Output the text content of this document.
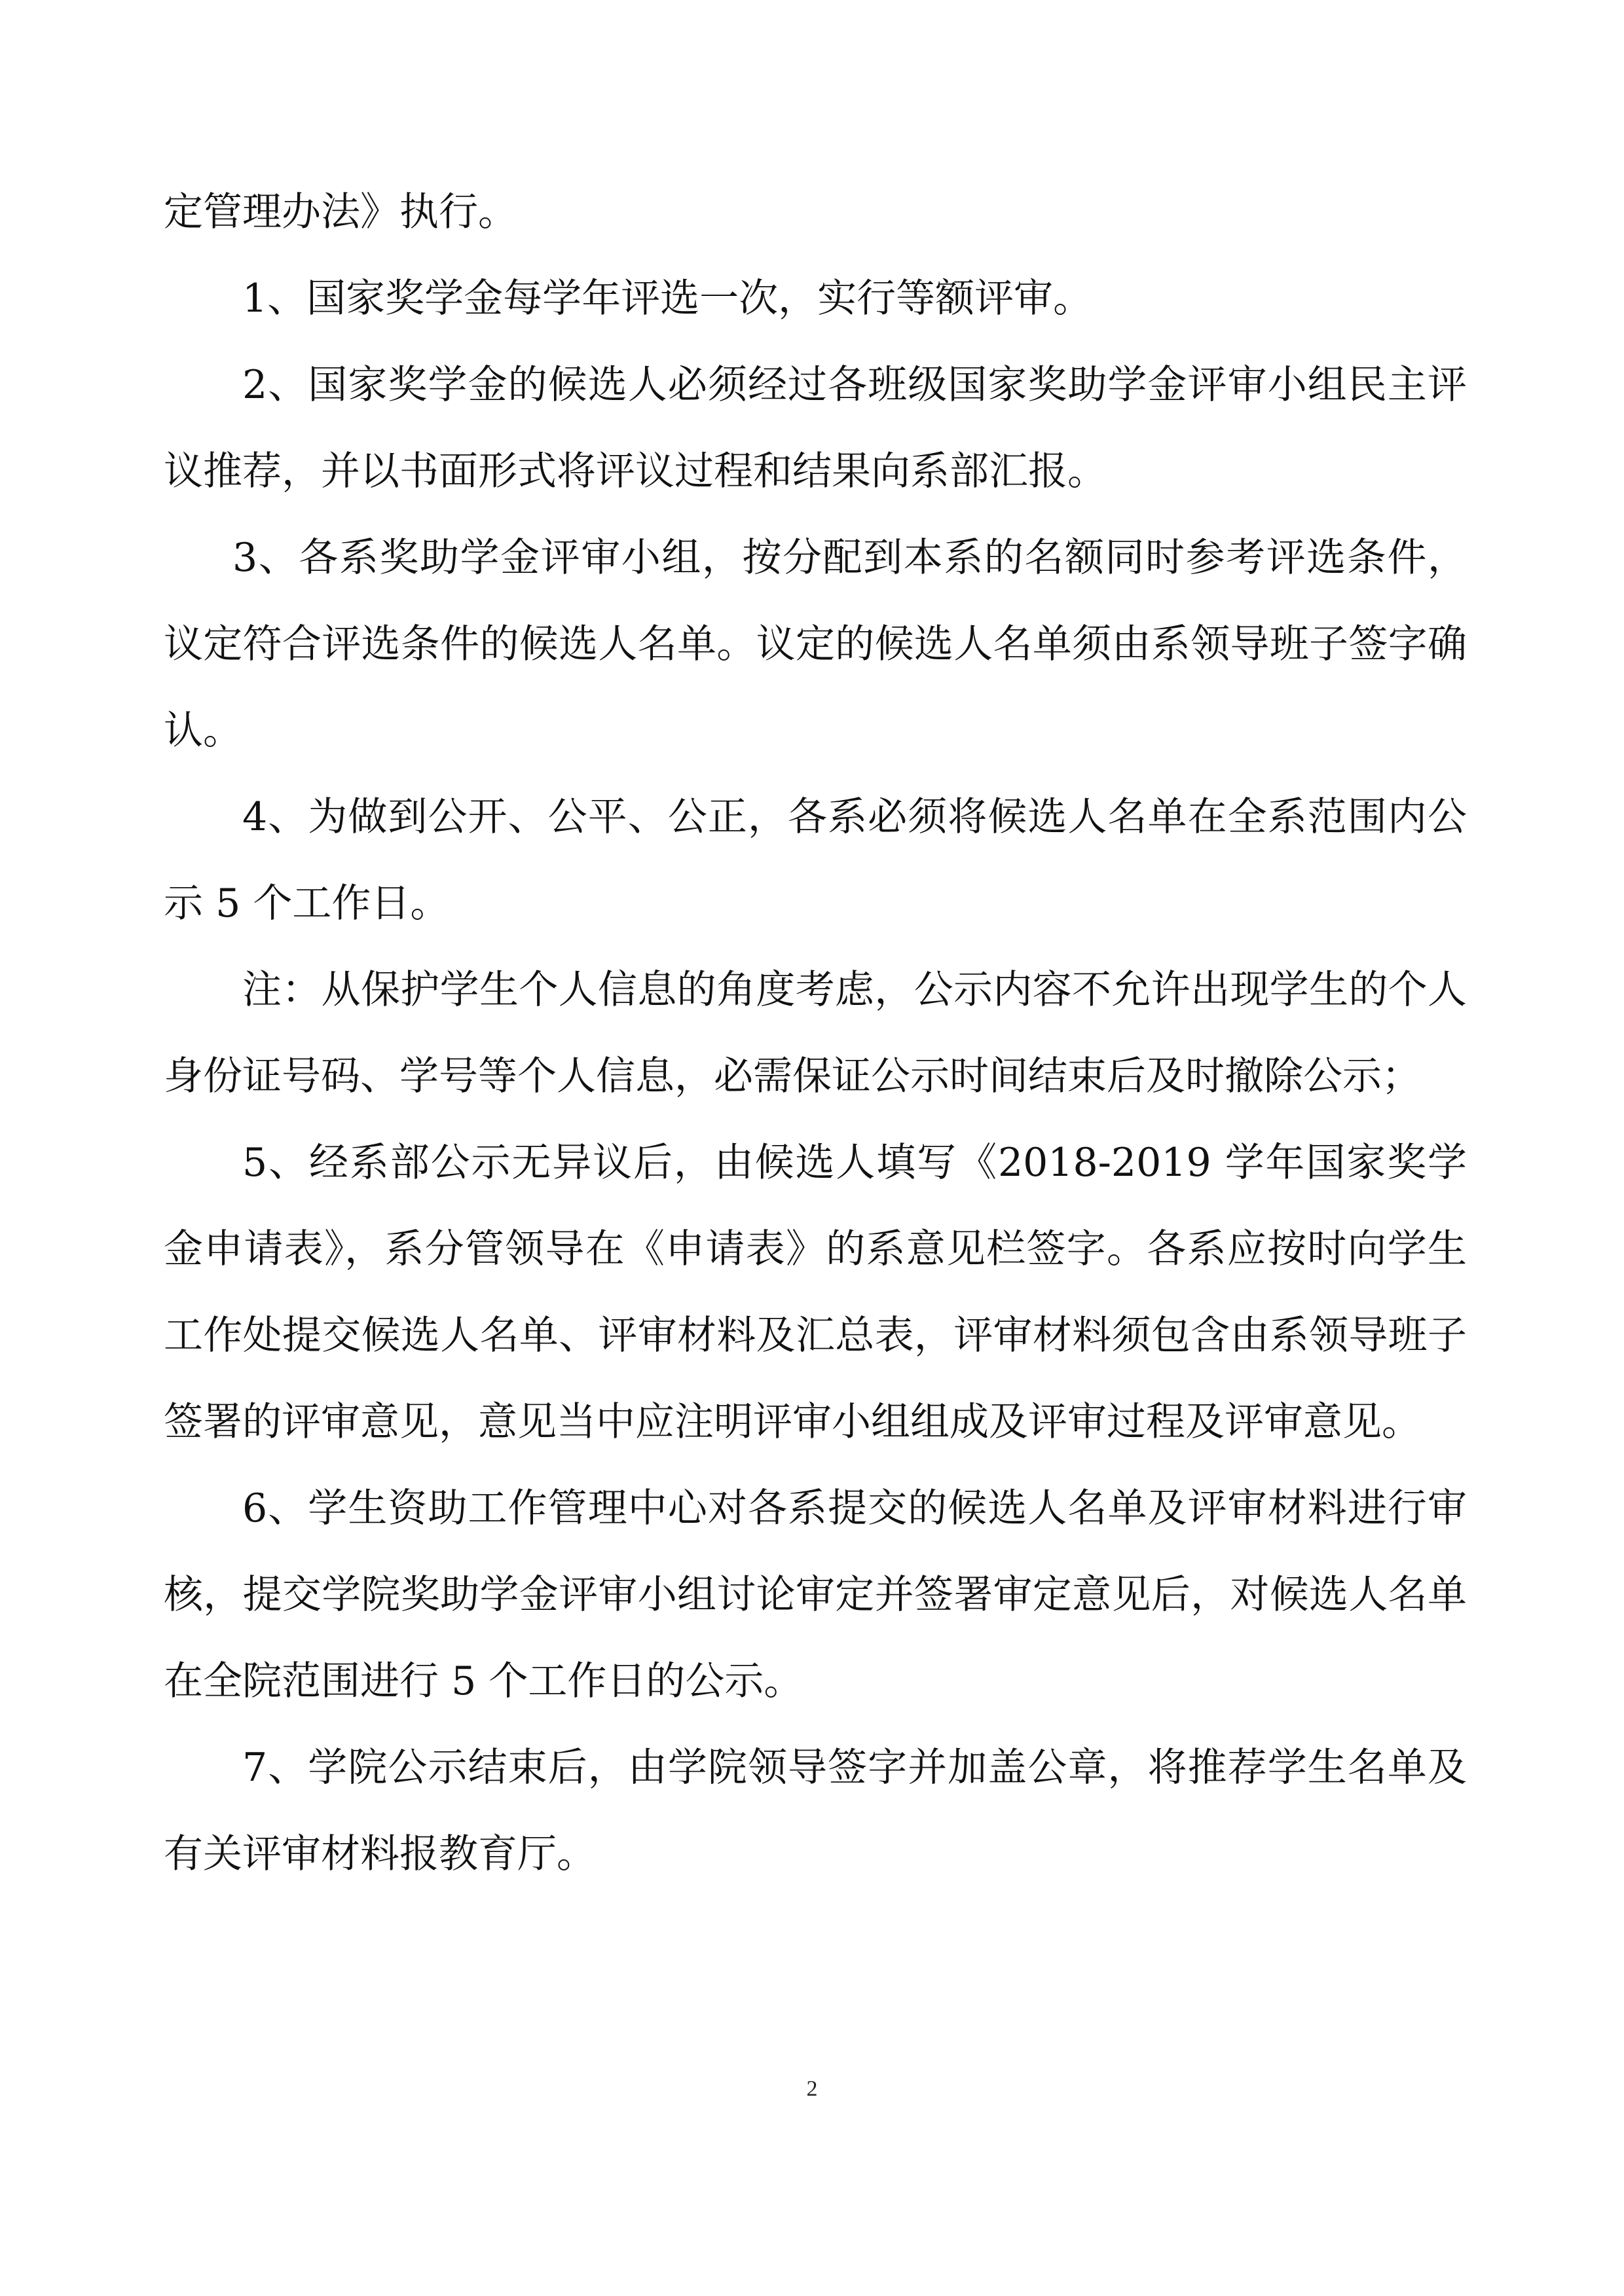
定管理办法》执行。

1、国家奖学金每学年评选一次，实行等额评审。

2、国家奖学金的候选人必须经过各班级国家奖助学金评审小组民主评议推荐，并以书面形式将评议过程和结果向系部汇报。

3、各系奖助学金评审小组，按分配到本系的名额同时参考评选条件，议定符合评选条件的候选人名单。议定的候选人名单须由系领导班子签字确认。

4、为做到公开、公平、公正，各系必须将候选人名单在全系范围内公示 5 个工作日。

注：从保护学生个人信息的角度考虑，公示内容不允许出现学生的个人身份证号码、学号等个人信息，必需保证公示时间结束后及时撤除公示；

5、经系部公示无异议后，由候选人填写《2018-2019 学年国家奖学金申请表》，系分管领导在《申请表》的系意见栏签字。各系应按时向学生工作处提交候选人名单、评审材料及汇总表，评审材料须包含由系领导班子签署的评审意见，意见当中应注明评审小组组成及评审过程及评审意见。

6、学生资助工作管理中心对各系提交的候选人名单及评审材料进行审核，提交学院奖助学金评审小组讨论审定并签署审定意见后，对候选人名单在全院范围进行 5 个工作日的公示。

7、学院公示结束后，由学院领导签字并加盖公章，将推荐学生名单及有关评审材料报教育厅。

2
